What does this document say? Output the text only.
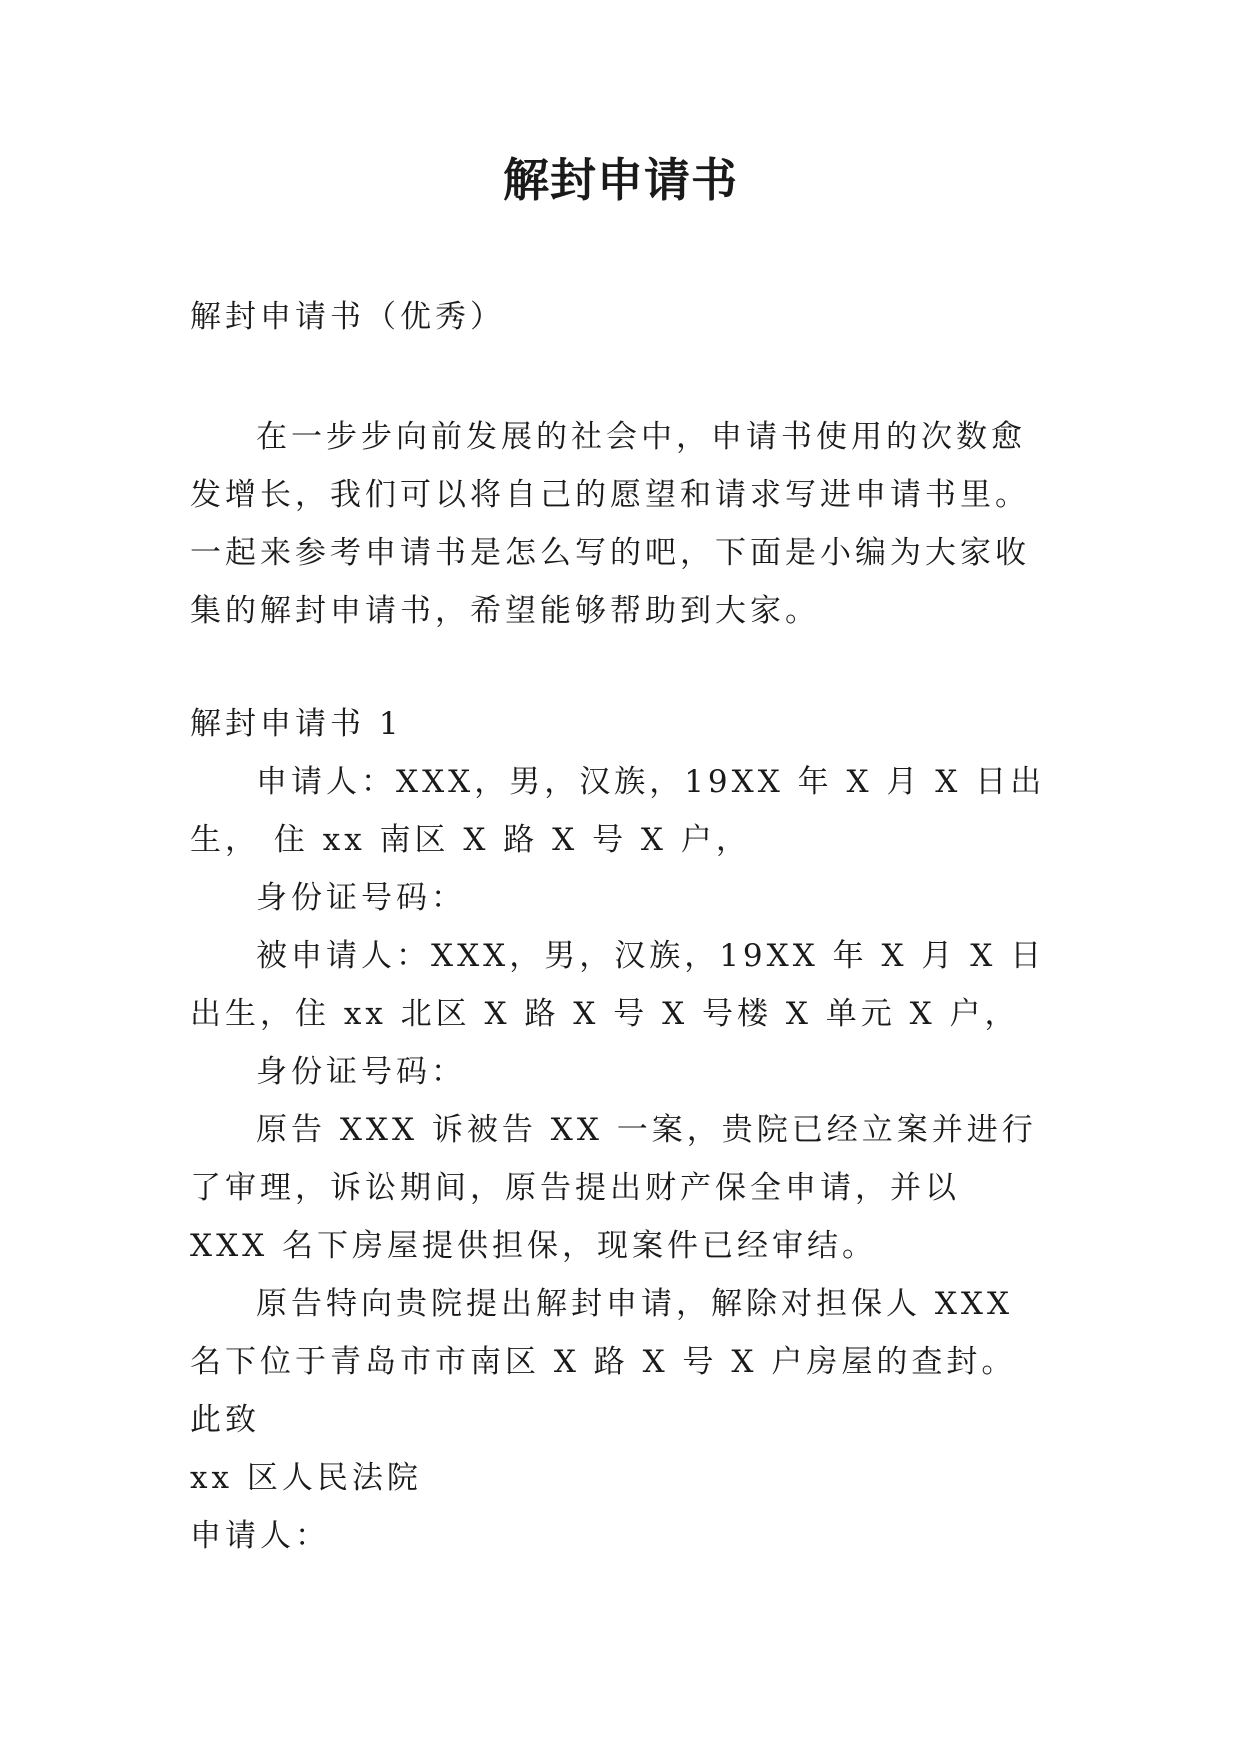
解封申请书
解封申请书（优秀）
在一步步向前发展的社会中，申请书使用的次数愈发增长，我们可以将自己的愿望和请求写进申请书里。一起来参考申请书是怎么写的吧，下面是小编为大家收集的解封申请书，希望能够帮助到大家。

解封申请书 1

申请人：XXX，男，汉族，19XX 年 X 月 X 日出生， 住 xx 南区 X 路 X 号 X 户，

身份证号码：

被申请人：XXX，男，汉族，19XX 年 X 月 X 日出生，住 xx 北区 X 路 X 号 X 号楼 X 单元 X 户，

身份证号码：

原告 XXX 诉被告 XX 一案，贵院已经立案并进行了审理，诉讼期间，原告提出财产保全申请，并以 XXX 名下房屋提供担保，现案件已经审结。

原告特向贵院提出解封申请，解除对担保人 XXX 名下位于青岛市市南区 X 路 X 号 X 户房屋的查封。

此致

xx 区人民法院

申请人：
